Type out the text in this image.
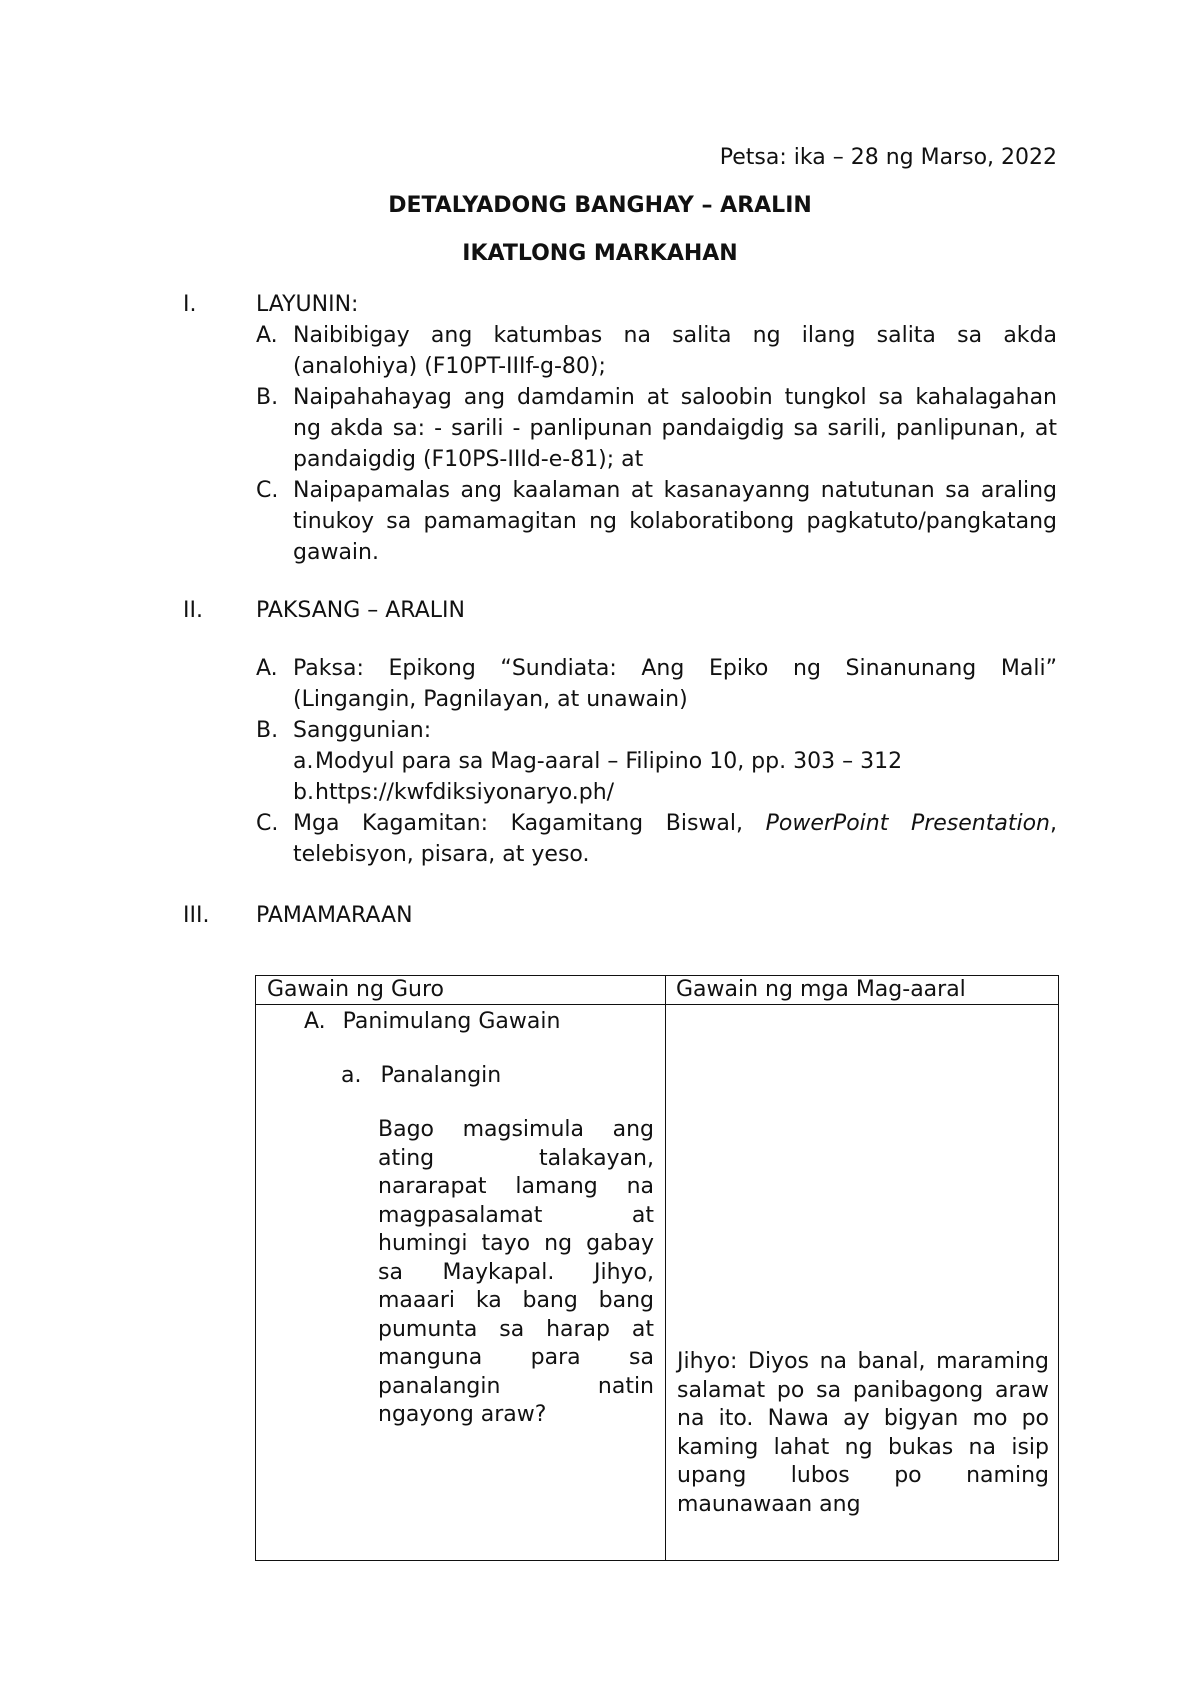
Petsa: ika – 28 ng Marso, 2022
DETALYADONG BANGHAY – ARALIN
IKATLONG MARKAHAN
I.	LAYUNIN:
A. Naibibigay ang katumbas na salita ng ilang salita sa akda (analohiya) (F10PT-IIIf-g-80);
B. Naipahahayag ang damdamin at saloobin tungkol sa kahalagahan ng akda sa: - sarili - panlipunan pandaigdig sa sarili, panlipunan, at pandaigdig (F10PS-IIId-e-81); at
C. Naipapamalas ang kaalaman at kasanayanng natutunan sa araling tinukoy sa pamamagitan ng kolaboratibong pagkatuto/pangkatang gawain.
II. PAKSANG – ARALIN
A. Paksa: Epikong “Sundiata: Ang Epiko ng Sinanunang Mali” (Lingangin, Pagnilayan, at unawain)
B. Sanggunian:
a. Modyul para sa Mag-aaral – Filipino 10, pp. 303 – 312
b. https://kwfdiksiyonaryo.ph/
C. Mga Kagamitan: Kagamitang Biswal, PowerPoint Presentation, telebisyon, pisara, at yeso.
III. PAMAMARAAN
Gawain ng Guro	Gawain ng mga Mag-aaral
A. Panimulang Gawain
a. Panalangin
Bago magsimula ang ating talakayan, nararapat lamang na magpasalamat at humingi tayo ng gabay sa Maykapal. Jihyo, maaari ka bang bang pumunta sa harap at manguna para sa panalangin natin ngayong araw?
Jihyo: Diyos na banal, maraming salamat po sa panibagong araw na ito. Nawa ay bigyan mo po kaming lahat ng bukas na isip upang lubos po naming maunawaan ang
